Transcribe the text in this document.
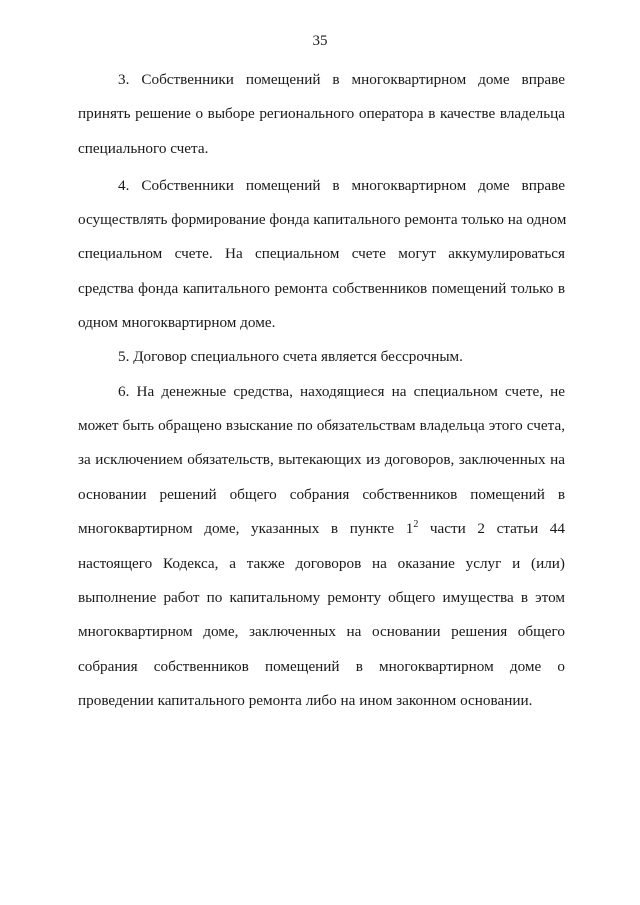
35
3. Собственники помещений в многоквартирном доме вправе
принять решение о выборе регионального оператора в качестве владельца
специального счета.
4. Собственники помещений в многоквартирном доме вправе
осуществлять формирование фонда капитального ремонта только на одном
специальном счете. На специальном счете могут аккумулироваться
средства фонда капитального ремонта собственников помещений только в
одном многоквартирном доме.
5. Договор специального счета является бессрочным.
6. На денежные средства, находящиеся на специальном счете, не
может быть обращено взыскание по обязательствам владельца этого счета,
за исключением обязательств, вытекающих из договоров, заключенных на
основании решений общего собрания собственников помещений в
многоквартирном доме, указанных в пункте $1^2$ части 2 статьи 44
настоящего Кодекса, а также договоров на оказание услуг и (или)
выполнение работ по капитальному ремонту общего имущества в этом
многоквартирном доме, заключенных на основании решения общего
собрания собственников помещений в многоквартирном доме о
проведении капитального ремонта либо на ином законном основании.
